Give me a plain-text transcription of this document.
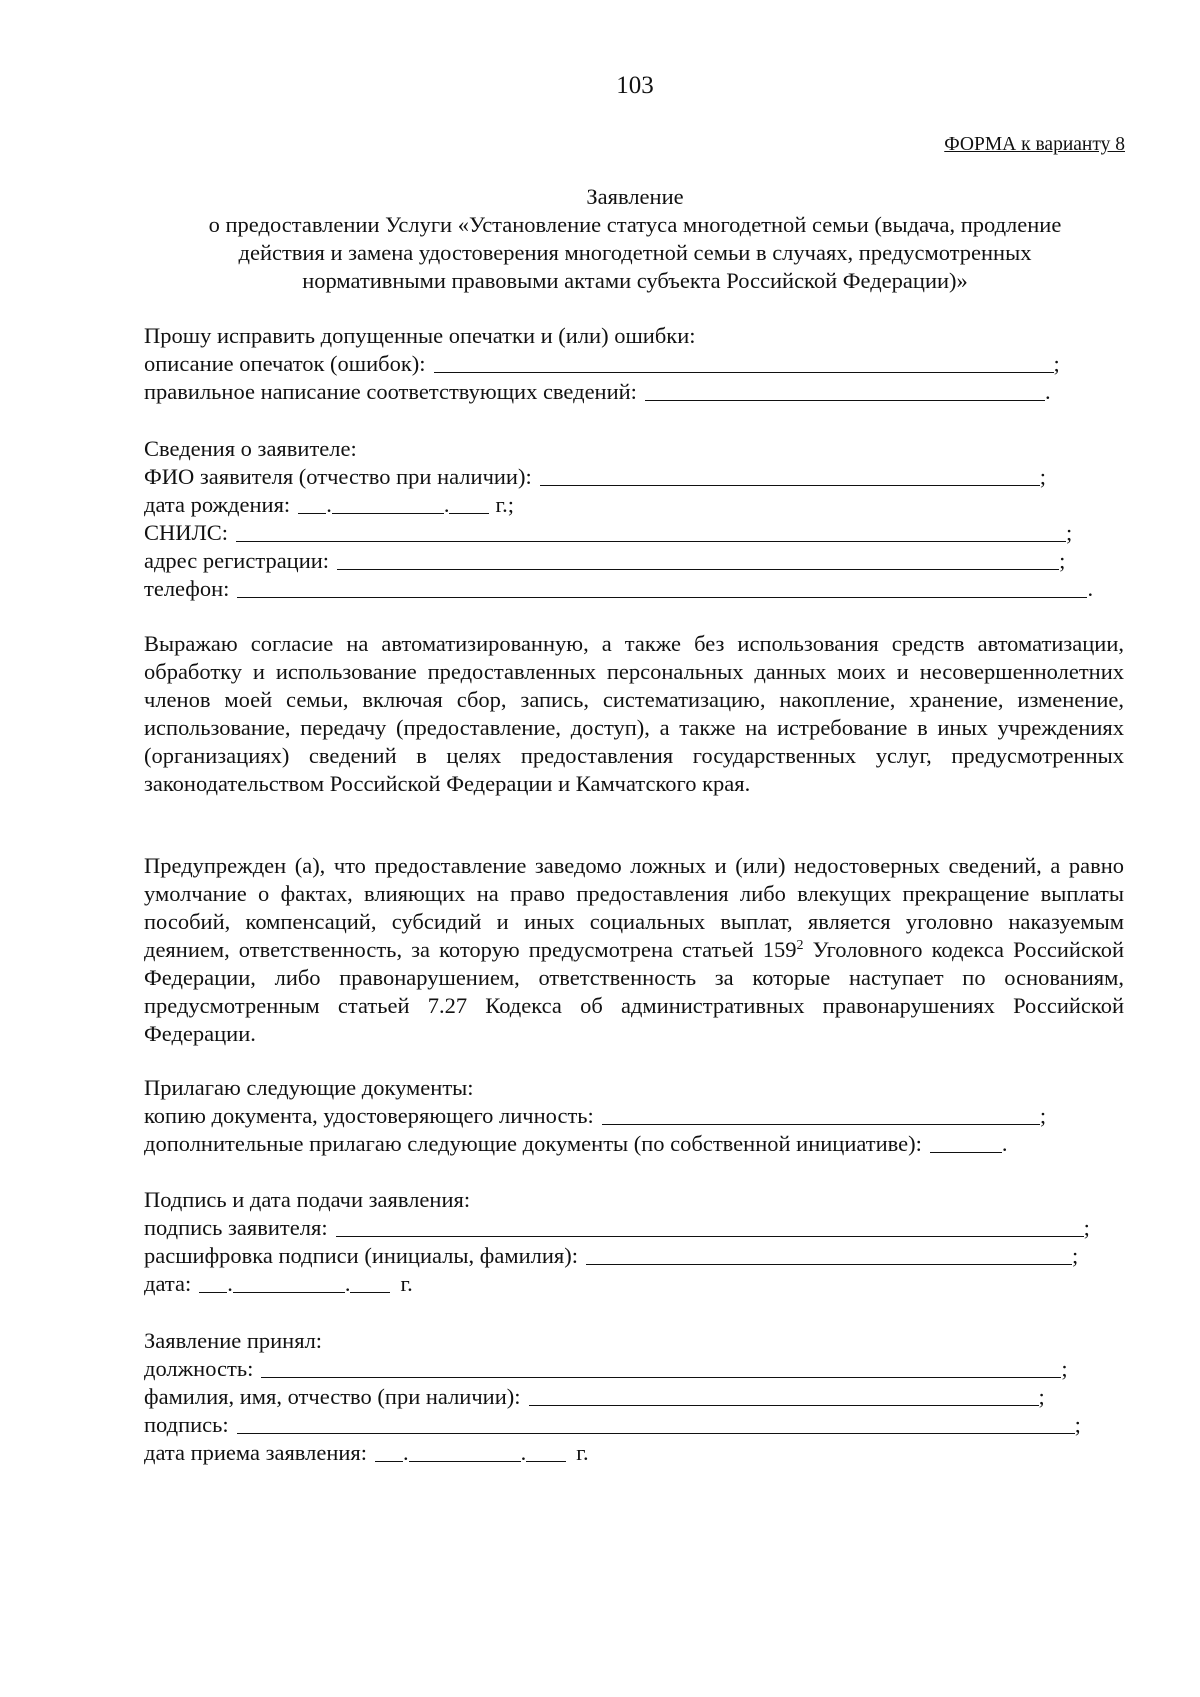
103
ФОРМА к варианту 8
Заявление
о предоставлении Услуги «Установление статуса многодетной семьи (выдача, продление
действия и замена удостоверения многодетной семьи в случаях, предусмотренных
нормативными правовыми актами субъекта Российской Федерации)»
Прошу исправить допущенные опечатки и (или) ошибки:
описание опечаток (ошибок):	;
правильное написание соответствующих сведений:	.
Сведения о заявителе:
ФИО заявителя (отчество при наличии):	;
дата рождения: .	. г.;
СНИЛС:	;
адрес регистрации:	;
телефон:	.
Выражаю согласие на автоматизированную, а также без использования средств автоматизации, обработку и использование предоставленных персональных данных моих и несовершеннолетних членов моей семьи, включая сбор, запись, систематизацию, накопление, хранение, изменение, использование, передачу (предоставление, доступ), а также на истребование в иных учреждениях (организациях) сведений в целях предоставления государственных услуг, предусмотренных законодательством Российской Федерации и Камчатского края.
Предупрежден (а), что предоставление заведомо ложных и (или) недостоверных сведений, а равно умолчание о фактах, влияющих на право предоставления либо влекущих прекращение выплаты пособий, компенсаций, субсидий и иных социальных выплат, является уголовно наказуемым деянием, ответственность, за которую предусмотрена статьей $159^2$ Уголовного кодекса Российской Федерации, либо правонарушением, ответственность за которые наступает по основаниям, предусмотренным статьей 7.27 Кодекса об административных правонарушениях Российской Федерации.
Прилагаю следующие документы:
копию документа, удостоверяющего личность:	;
дополнительные прилагаю следующие документы (по собственной инициативе):	.
Подпись и дата подачи заявления:
подпись заявителя:	;
расшифровка подписи (инициалы, фамилия):	;
дата: .	. г.
Заявление принял:
должность:	;
фамилия, имя, отчество (при наличии):	;
подпись:	;
дата приема заявления: .	. г.
